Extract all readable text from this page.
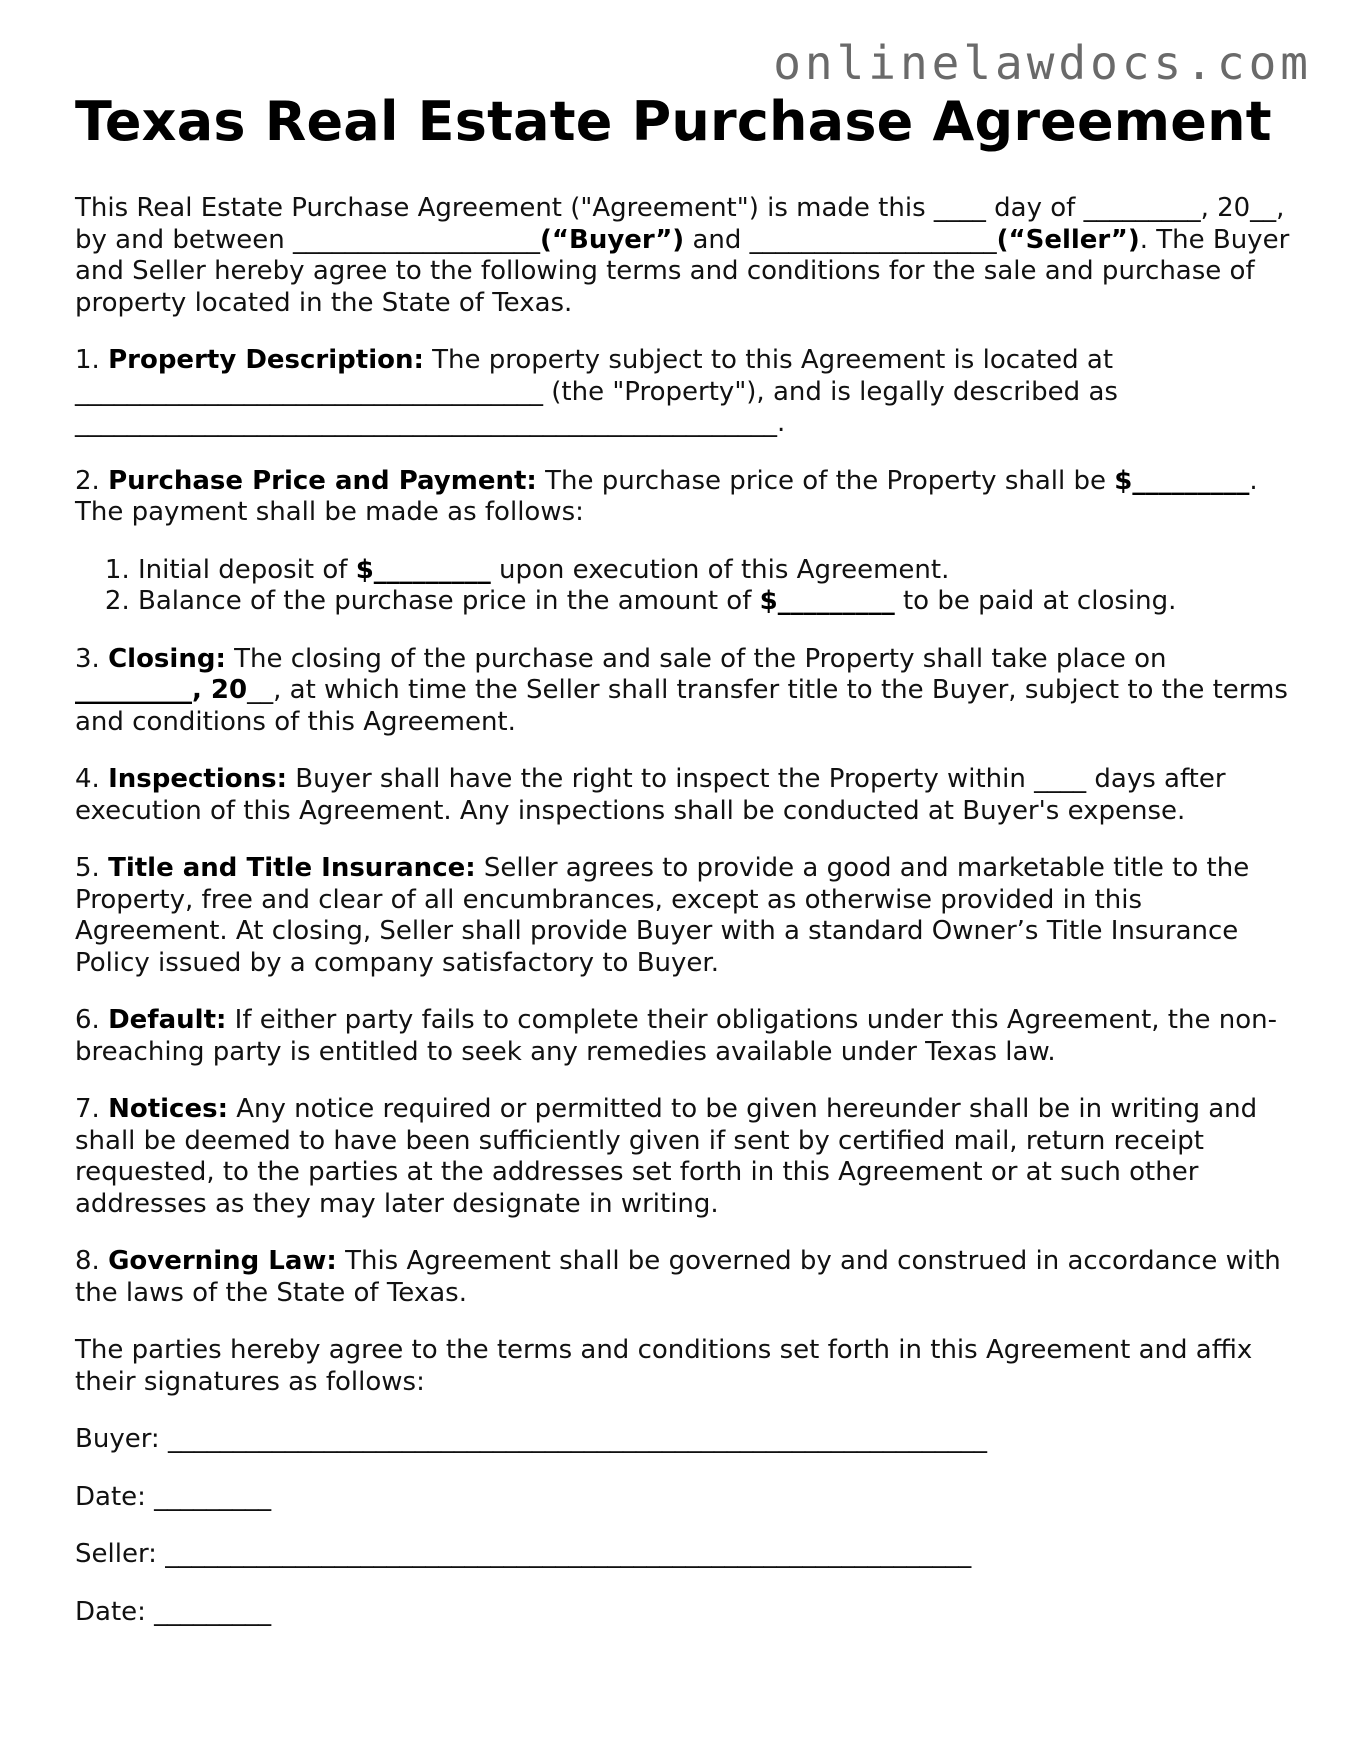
onlinelawdocs.com
Texas Real Estate Purchase Agreement

This Real Estate Purchase Agreement ("Agreement") is made this ____ day of _________, 20__, by and between ___________________(“Buyer”) and ___________________(“Seller”). The Buyer and Seller hereby agree to the following terms and conditions for the sale and purchase of property located in the State of Texas.

1. Property Description: The property subject to this Agreement is located at ____________________________________ (the "Property"), and is legally described as ______________________________________________________.

2. Purchase Price and Payment: The purchase price of the Property shall be $_________. The payment shall be made as follows:

1. Initial deposit of $_________ upon execution of this Agreement.
2. Balance of the purchase price in the amount of $_________ to be paid at closing.

3. Closing: The closing of the purchase and sale of the Property shall take place on _________, 20__, at which time the Seller shall transfer title to the Buyer, subject to the terms and conditions of this Agreement.

4. Inspections: Buyer shall have the right to inspect the Property within ____ days after execution of this Agreement. Any inspections shall be conducted at Buyer's expense.

5. Title and Title Insurance: Seller agrees to provide a good and marketable title to the Property, free and clear of all encumbrances, except as otherwise provided in this Agreement. At closing, Seller shall provide Buyer with a standard Owner’s Title Insurance Policy issued by a company satisfactory to Buyer.

6. Default: If either party fails to complete their obligations under this Agreement, the non-breaching party is entitled to seek any remedies available under Texas law.

7. Notices: Any notice required or permitted to be given hereunder shall be in writing and shall be deemed to have been sufficiently given if sent by certified mail, return receipt requested, to the parties at the addresses set forth in this Agreement or at such other addresses as they may later designate in writing.

8. Governing Law: This Agreement shall be governed by and construed in accordance with the laws of the State of Texas.

The parties hereby agree to the terms and conditions set forth in this Agreement and affix their signatures as follows:

Buyer: _______________________________________________________________

Date: _________

Seller: ______________________________________________________________

Date: _________
